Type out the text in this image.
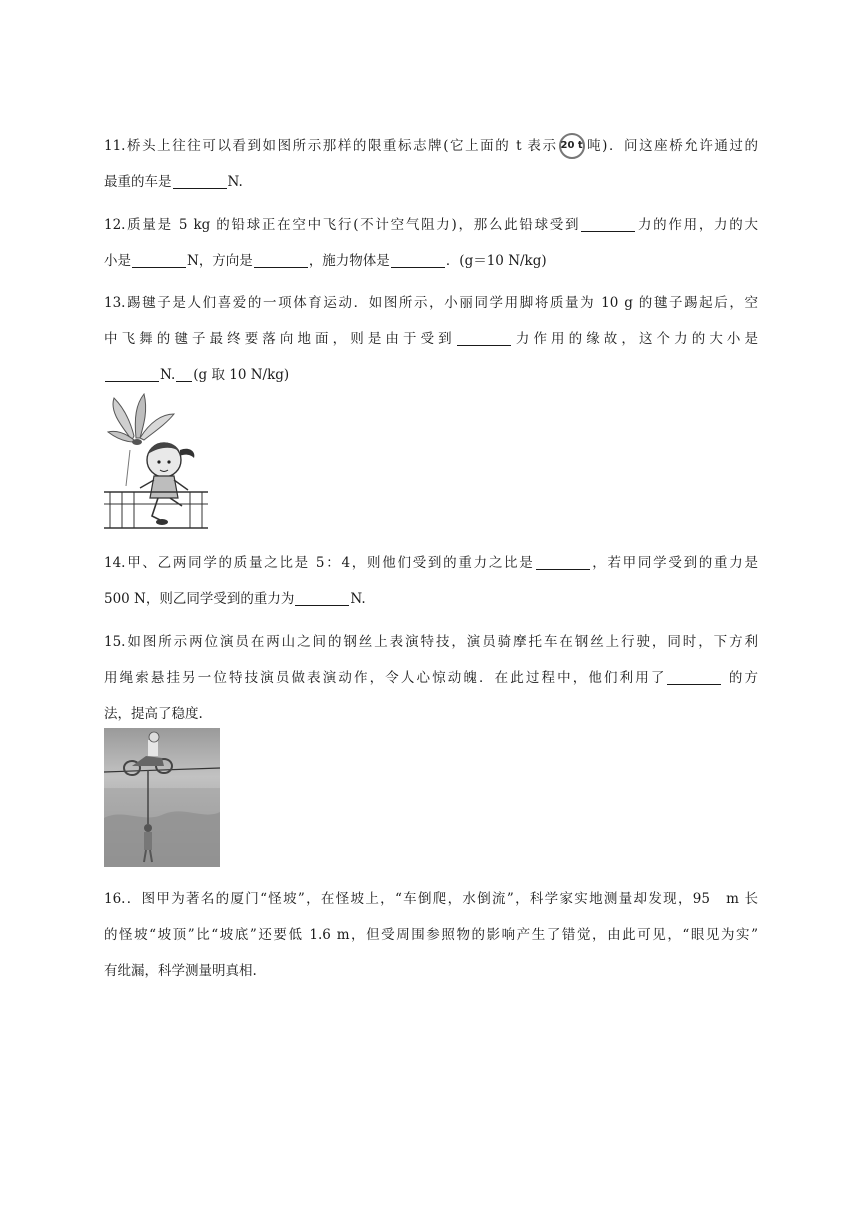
11.桥头上往往可以看到如图所示那样的限重标志牌(它上面的 t 表示 20 t 吨)．问这座桥允许通过的
最重的车是	N.
12.质量是 5 kg 的铅球正在空中飞行(不计空气阻力)，那么此铅球受到	力的作用，力的大
小是	N，方向是	，施力物体是	．(g＝10 N/kg)
13.踢毽子是人们喜爱的一项体育运动．如图所示，小丽同学用脚将质量为 10 g 的毽子踢起后，空
中飞舞的毽子最终要落向地面，则是由于受到	力作用的缘故，这个力的大小是
N. (g 取 10 N/kg)
14.甲、乙两同学的质量之比是 5：4，则他们受到的重力之比是	，若甲同学受到的重力是
500 N，则乙同学受到的重力为	N.
15.如图所示两位演员在两山之间的钢丝上表演特技，演员骑摩托车在钢丝上行驶，同时，下方利
用绳索悬挂另一位特技演员做表演动作，令人心惊动魄．在此过程中，他们利用了	的方
法，提高了稳度.
16.．图甲为著名的厦门“怪坡”，在怪坡上，“车倒爬，水倒流”，科学家实地测量却发现，95　m 长
的怪坡“坡顶”比“坡底”还要低 1.6 m，但受周围参照物的影响产生了错觉，由此可见，“眼见为实”
有纰漏，科学测量明真相.
